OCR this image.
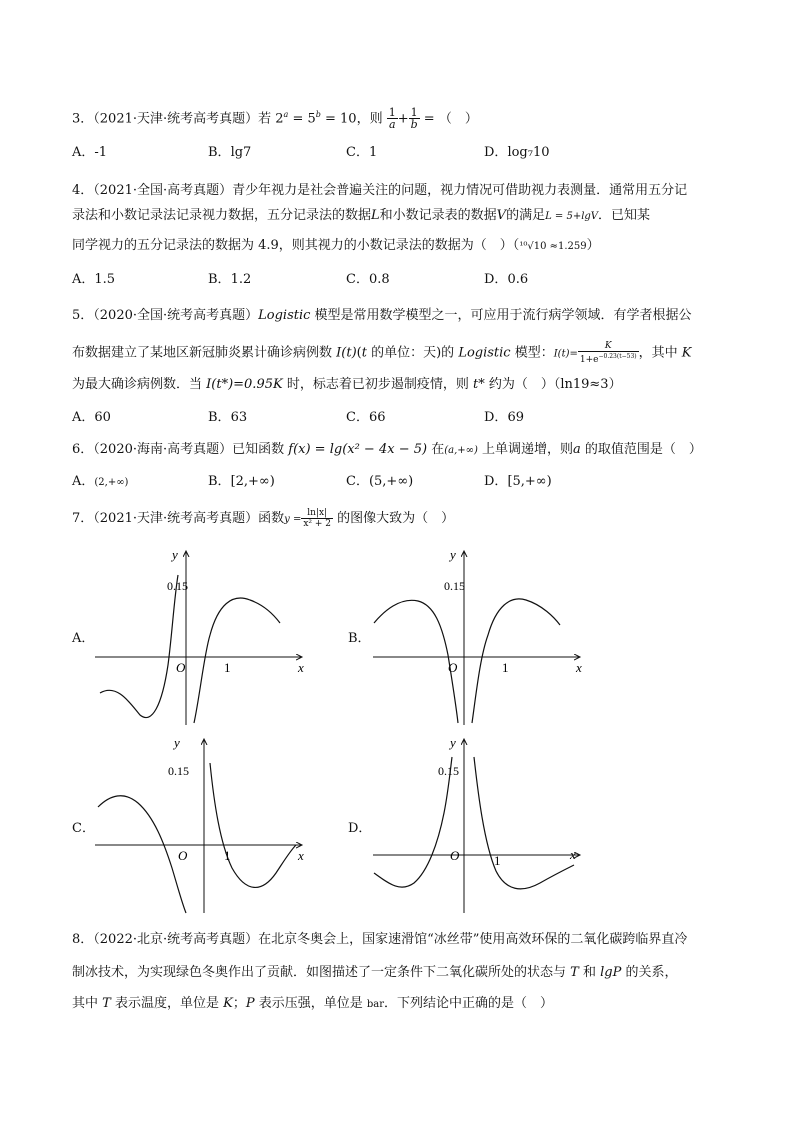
3．（2021·天津·统考高考真题）若 $2^a = 5^b = 10$，则 $\frac{1}{a} + \frac{1}{b}$ = （　）
A．-1	B．lg7	C．1	D．log₇10
4．（2021·全国·高考真题）青少年视力是社会普遍关注的问题，视力情况可借助视力表测量．通常用五分记
录法和小数记录法记录视力数据，五分记录法的数据L和小数记录表的数据V的满足L = 5+lgV．已知某
同学视力的五分记录法的数据为 4.9，则其视力的小数记录法的数据为（　）（¹⁰√10 ≈1.259）
A．1.5	B．1.2	C．0.8	D．0.6
5．（2020·全国·统考高考真题）Logistic 模型是常用数学模型之一，可应用于流行病学领域．有学者根据公
布数据建立了某地区新冠肺炎累计确诊病例数 I(t)(t 的单位：天)的 Logistic 模型：$I(t)= \frac{K}{1+e^{-0.23(t-53)}}$ ，其中 K
为最大确诊病例数．当 I(t*)=0.95K 时，标志着已初步遏制疫情，则 t* 约为（　）（ln19≈3）
A．60	B．63	C．66	D．69
6．（2020·海南·高考真题）已知函数 f(x) = lg(x² − 4x − 5) 在(a,+∞) 上单调递增，则a 的取值范围是（　）
A．(2,+∞)	B．[2,+∞)	C．(5,+∞)	D．[5,+∞)
7．（2021·天津·统考高考真题）函数$y = \frac{\ln|x|}{\text{x² + 2}}$ 的图像大致为（　）
A．
y
x
O	1
0.15
B．
y
x
O	1
0.15
C．
y
x
O	1
0.15
D．
y
x
O	1
0.15
8．（2022·北京·统考高考真题）在北京冬奥会上，国家速滑馆“冰丝带”使用高效环保的二氧化碳跨临界直冷
制冰技术，为实现绿色冬奥作出了贡献．如图描述了一定条件下二氧化碳所处的状态与 T 和 lgP 的关系，
其中 T 表示温度，单位是 K；P 表示压强，单位是 bar．下列结论中正确的是（　）
